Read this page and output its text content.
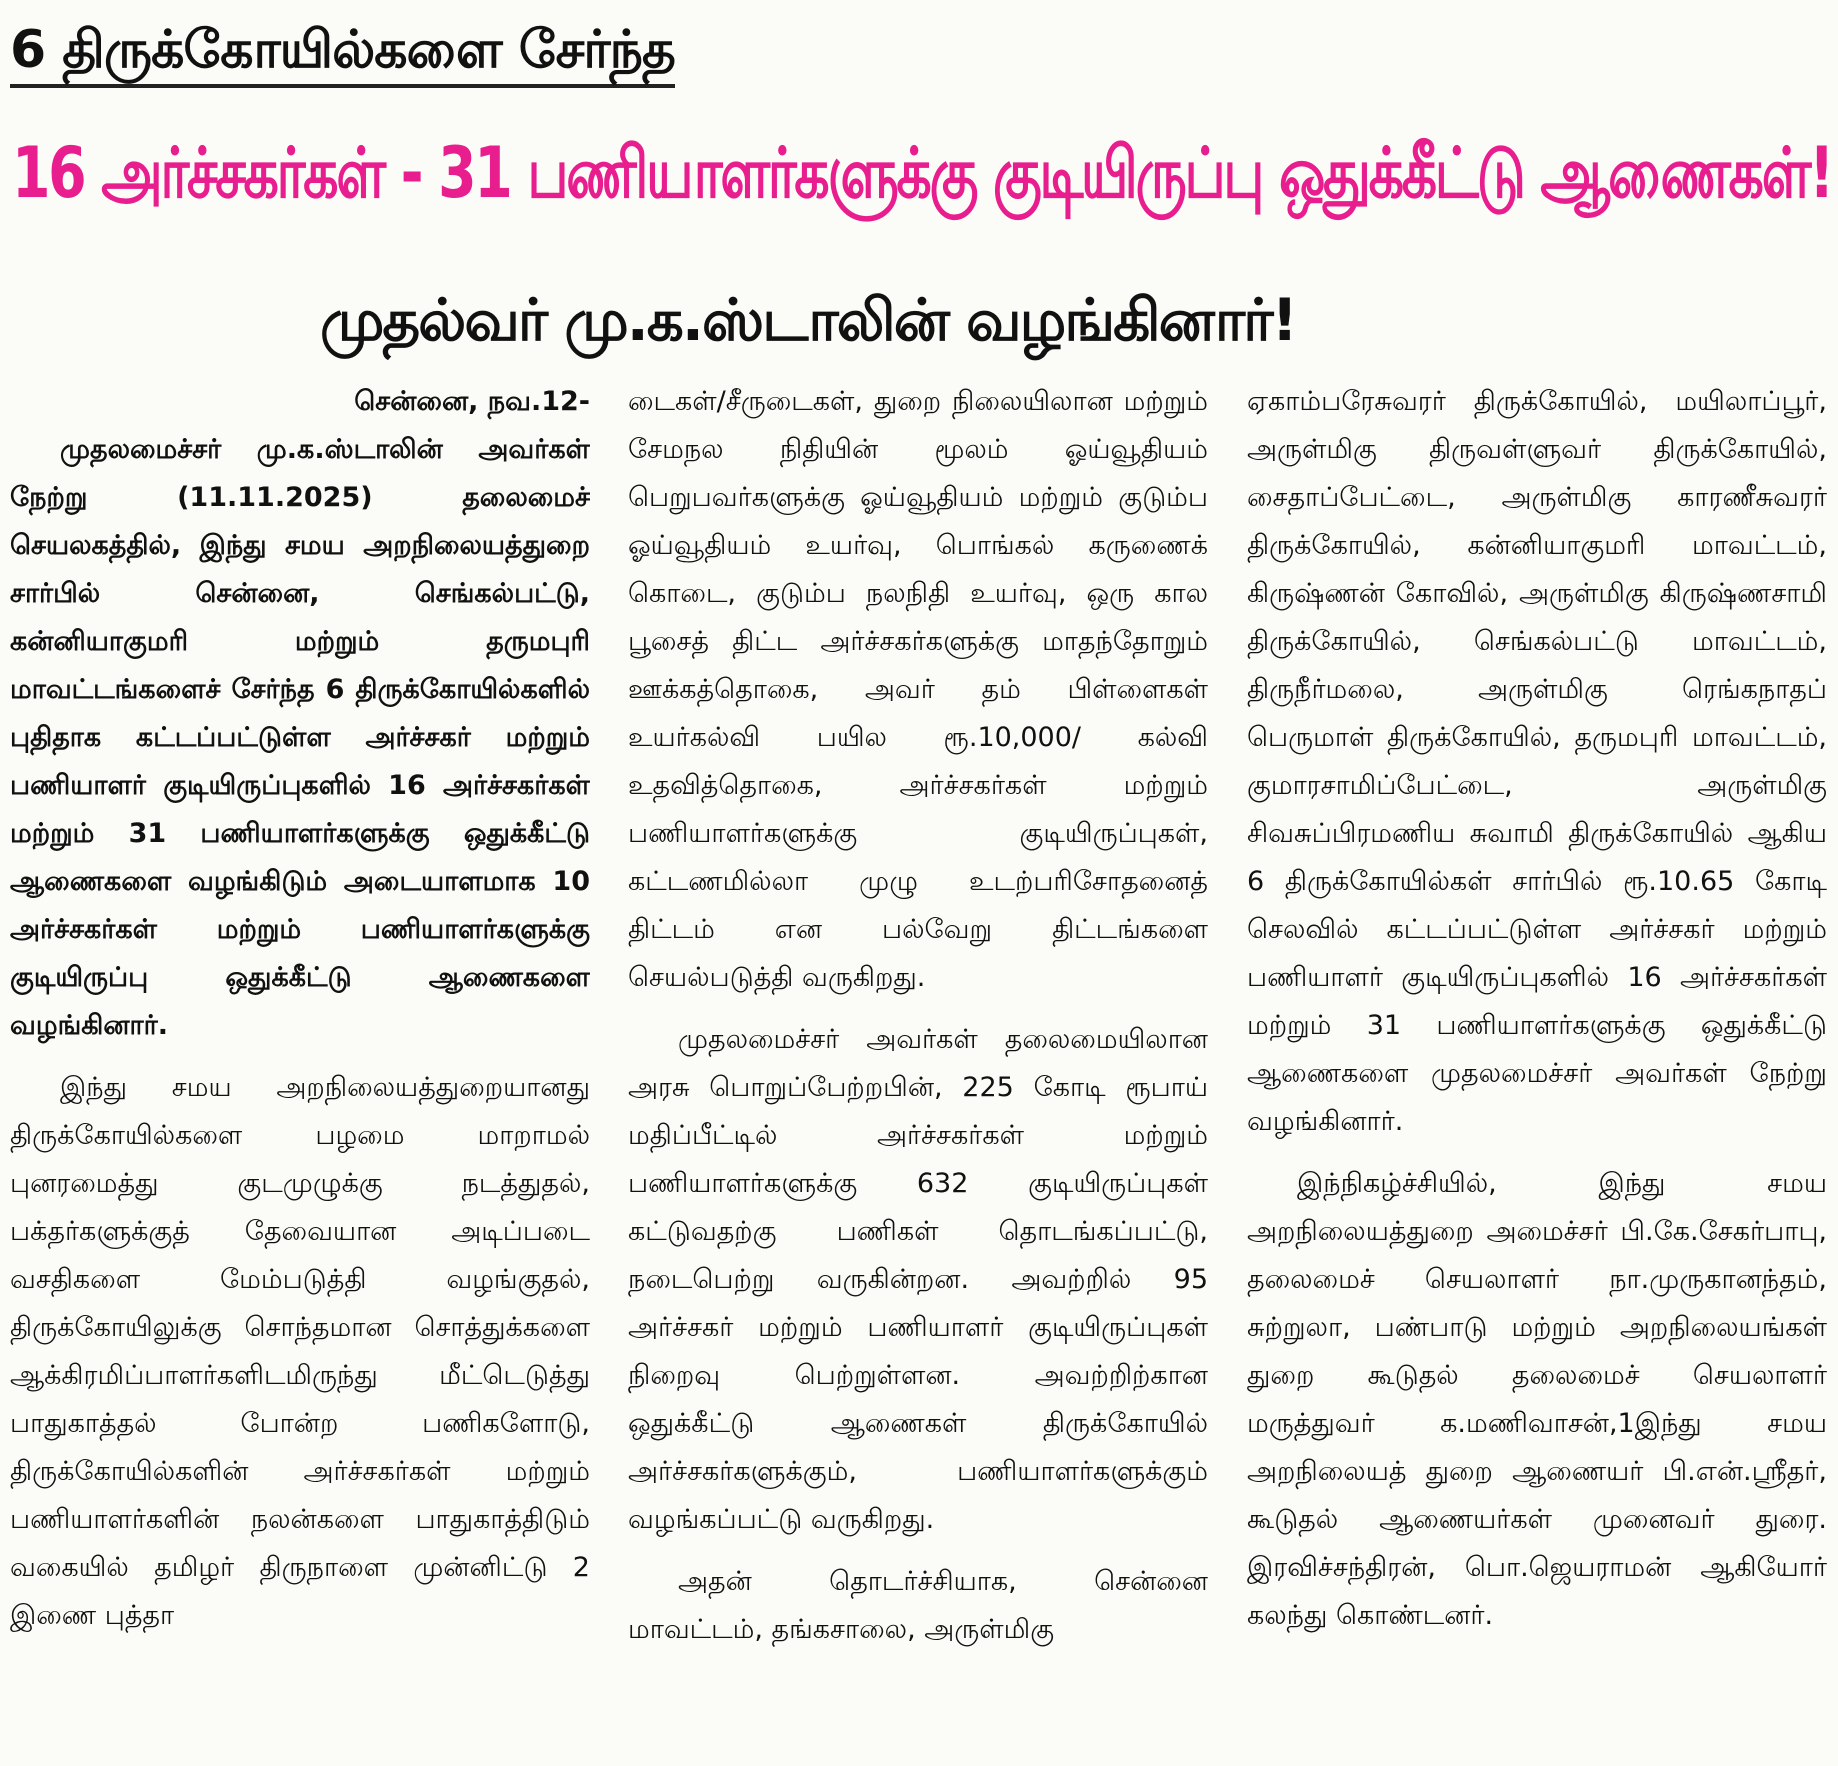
6 திருக்கோயில்களை சேர்ந்த
16 அர்ச்சகர்கள் - 31 பணியாளர்களுக்கு குடியிருப்பு ஒதுக்கீட்டு ஆணைகள்!
முதல்வர் மு.க.ஸ்டாலின் வழங்கினார்!

சென்னை, நவ.12-

முதலமைச்சர் மு.க.ஸ்டாலின் அவர்கள் நேற்று (11.11.2025) தலைமைச் செயலகத்தில், இந்து சமய அறநிலையத்துறை சார்பில் சென்னை, செங்கல்பட்டு, கன்னியாகுமரி மற்றும் தருமபுரி மாவட்டங்களைச் சேர்ந்த 6 திருக்கோயில்களில் புதிதாக கட்டப்பட்டுள்ள அர்ச்சகர் மற்றும் பணியாளர் குடியிருப்புகளில் 16 அர்ச்சகர்கள் மற்றும் 31 பணியாளர்களுக்கு ஒதுக்கீட்டு ஆணைகளை வழங்கிடும் அடையாளமாக 10 அர்ச்சகர்கள் மற்றும் பணியாளர்களுக்கு குடியிருப்பு ஒதுக்கீட்டு ஆணைகளை வழங்கினார்.

இந்து சமய அறநிலையத்துறையானது திருக்கோயில்களை பழமை மாறாமல் புனரமைத்து குடமுழுக்கு நடத்துதல், பக்தர்களுக்குத் தேவையான அடிப்படை வசதிகளை மேம்படுத்தி வழங்குதல், திருக்கோயிலுக்கு சொந்தமான சொத்துக்களை ஆக்கிரமிப்பாளர்களிடமிருந்து மீட்டெடுத்து பாதுகாத்தல் போன்ற பணிகளோடு, திருக்கோயில்களின் அர்ச்சகர்கள் மற்றும் பணியாளர்களின் நலன்களை பாதுகாத்திடும் வகையில் தமிழர் திருநாளை முன்னிட்டு 2 இணை புத்தா

டைகள்/சீருடைகள், துறை நிலையிலான மற்றும் சேமநல நிதியின் மூலம் ஓய்வூதியம் பெறுபவர்களுக்கு ஓய்வூதியம் மற்றும் குடும்ப ஓய்வூதியம் உயர்வு, பொங்கல் கருணைக் கொடை, குடும்ப நலநிதி உயர்வு, ஒரு கால பூசைத் திட்ட அர்ச்சகர்களுக்கு மாதந்தோறும் ஊக்கத்தொகை, அவர் தம் பிள்ளைகள் உயர்கல்வி பயில ரூ.10,000/ கல்வி உதவித்தொகை, அர்ச்சகர்கள் மற்றும் பணியாளர்களுக்கு குடியிருப்புகள், கட்டணமில்லா முழு உடற்பரிசோதனைத் திட்டம் என பல்வேறு திட்டங்களை செயல்படுத்தி வருகிறது.

முதலமைச்சர் அவர்கள் தலைமையிலான அரசு பொறுப்பேற்றபின், 225 கோடி ரூபாய் மதிப்பீட்டில் அர்ச்சகர்கள் மற்றும் பணியாளர்களுக்கு 632 குடியிருப்புகள் கட்டுவதற்கு பணிகள் தொடங்கப்பட்டு, நடைபெற்று வருகின்றன. அவற்றில் 95 அர்ச்சகர் மற்றும் பணியாளர் குடியிருப்புகள் நிறைவு பெற்றுள்ளன. அவற்றிற்கான ஒதுக்கீட்டு ஆணைகள் திருக்கோயில் அர்ச்சகர்களுக்கும், பணியாளர்களுக்கும் வழங்கப்பட்டு வருகிறது.

அதன் தொடர்ச்சியாக, சென்னை மாவட்டம், தங்கசாலை, அருள்மிகு

ஏகாம்பரேசுவரர் திருக்கோயில், மயிலாப்பூர், அருள்மிகு திருவள்ளுவர் திருக்கோயில், சைதாப்பேட்டை, அருள்மிகு காரணீசுவரர் திருக்கோயில், கன்னியாகுமரி மாவட்டம், கிருஷ்ணன் கோவில், அருள்மிகு கிருஷ்ணசாமி திருக்கோயில், செங்கல்பட்டு மாவட்டம், திருநீர்மலை, அருள்மிகு ரெங்கநாதப் பெருமாள் திருக்கோயில், தருமபுரி மாவட்டம், குமாரசாமிப்பேட்டை, அருள்மிகு சிவசுப்பிரமணிய சுவாமி திருக்கோயில் ஆகிய 6 திருக்கோயில்கள் சார்பில் ரூ.10.65 கோடி செலவில் கட்டப்பட்டுள்ள அர்ச்சகர் மற்றும் பணியாளர் குடியிருப்புகளில் 16 அர்ச்சகர்கள் மற்றும் 31 பணியாளர்களுக்கு ஒதுக்கீட்டு ஆணைகளை முதலமைச்சர் அவர்கள் நேற்று வழங்கினார்.

இந்நிகழ்ச்சியில், இந்து சமய அறநிலையத்துறை அமைச்சர் பி.கே.சேகர்பாபு, தலைமைச் செயலாளர் நா.முருகானந்தம், சுற்றுலா, பண்பாடு மற்றும் அறநிலையங்கள் துறை கூடுதல் தலைமைச் செயலாளர் மருத்துவர் க.மணிவாசன்,1இந்து சமய அறநிலையத் துறை ஆணையர் பி.என்.ஸ்ரீதர், கூடுதல் ஆணையர்கள் முனைவர் துரை. இரவிச்சந்திரன், பொ.ஜெயராமன் ஆகியோர் கலந்து கொண்டனர்.
